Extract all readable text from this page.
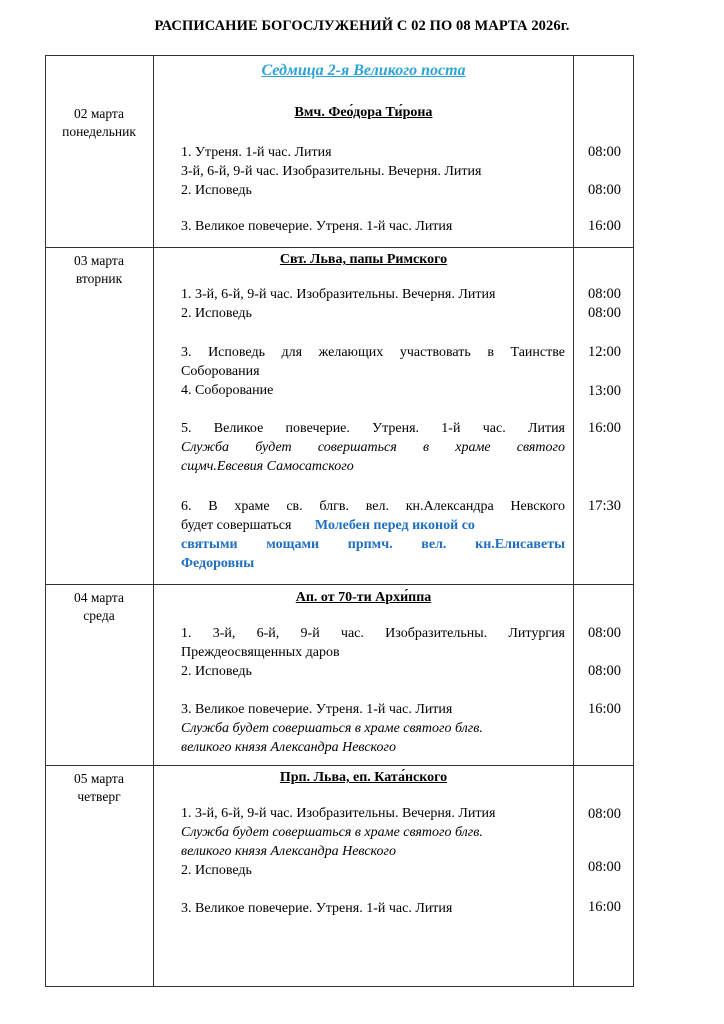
РАСПИСАНИЕ БОГОСЛУЖЕНИЙ С 02 ПО 08 МАРТА 2026г.
Седмица 2-я Великого поста
02 марта
понедельник
Вмч. Фео́дора Ти́рона
1. Утреня. 1-й час. Лития
3-й, 6-й, 9-й час. Изобразительны. Вечерня. Лития
2. Исповедь
3. Великое повечерие. Утреня. 1-й час. Лития
08:00
08:00
16:00
03 марта
вторник
Свт. Льва, папы Римского
1. 3-й, 6-й, 9-й час. Изобразительны. Вечерня. Лития
2. Исповедь
3. Исповедь для желающих участвовать в Таинстве
Соборования
4. Соборование
5. Великое повечерие. Утреня. 1-й час. Лития
Служба будет совершаться в храме святого
сщмч.Евсевия Самосатского
6. В храме св. блгв. вел. кн.Александра Невского
будет совершаться Молебен перед иконой со
святыми мощами прпмч. вел. кн.Елисаветы
Федоровны
08:00
08:00
12:00
13:00
16:00
17:30
04 марта
среда
Ап. от 70-ти Архи́ппа
1. 3-й, 6-й, 9-й час. Изобразительны. Литургия
Преждеосвященных даров
2. Исповедь
3. Великое повечерие. Утреня. 1-й час. Лития
Служба будет совершаться в храме святого блгв.
великого князя Александра Невского
08:00
08:00
16:00
05 марта
четверг
Прп. Льва, еп. Ката́нского
1. 3-й, 6-й, 9-й час. Изобразительны. Вечерня. Лития
Служба будет совершаться в храме святого блгв.
великого князя Александра Невского
2. Исповедь
3. Великое повечерие. Утреня. 1-й час. Лития
08:00
08:00
16:00
